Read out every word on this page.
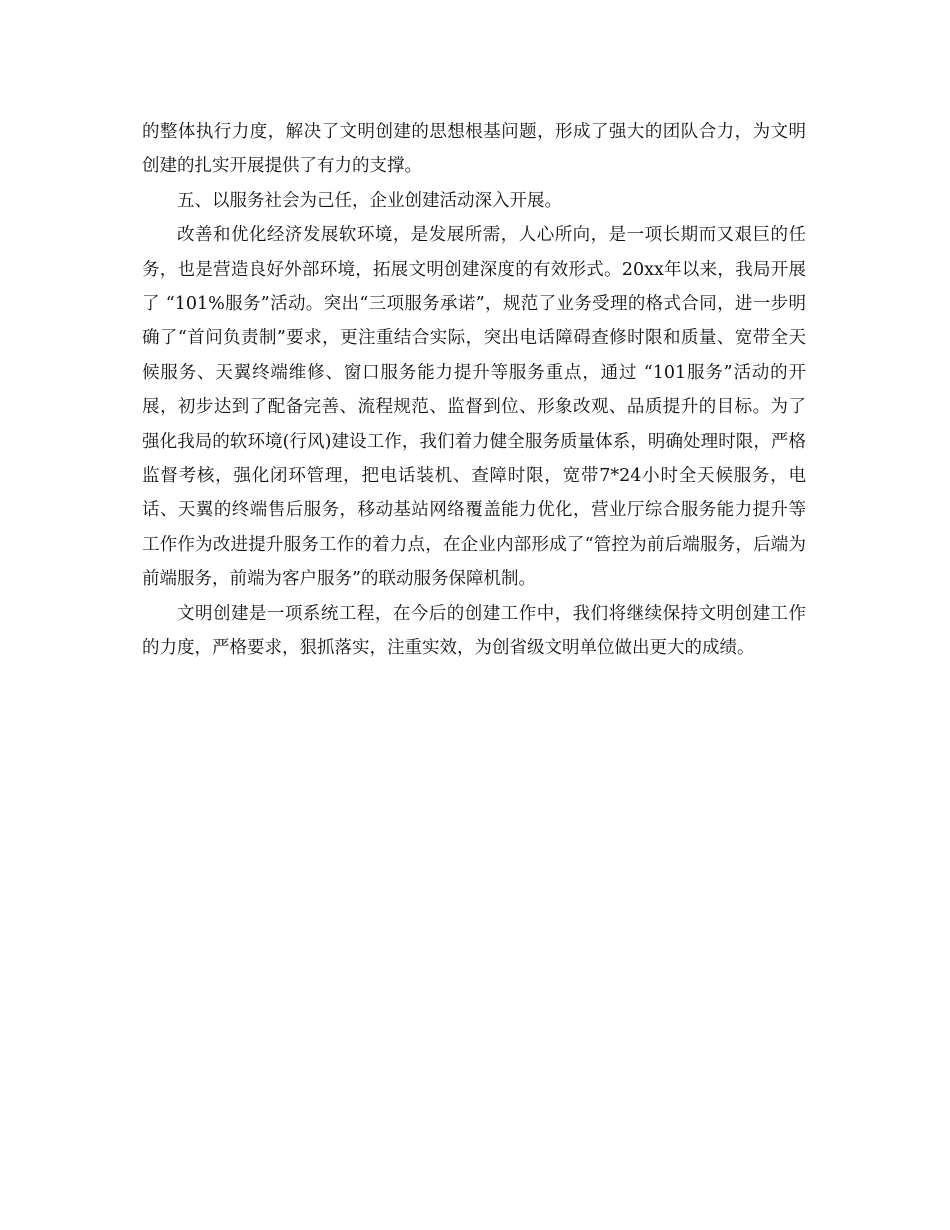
的整体执行力度，解决了文明创建的思想根基问题，形成了强大的团队合力，为文明创建的扎实开展提供了有力的支撑。

五、以服务社会为己任，企业创建活动深入开展。

改善和优化经济发展软环境，是发展所需，人心所向，是一项长期而又艰巨的任务，也是营造良好外部环境，拓展文明创建深度的有效形式。20xx年以来，我局开展了 “101%服务”活动。突出“三项服务承诺”，规范了业务受理的格式合同，进一步明确了“首问负责制”要求，更注重结合实际，突出电话障碍查修时限和质量、宽带全天候服务、天翼终端维修、窗口服务能力提升等服务重点，通过 “101服务”活动的开展，初步达到了配备完善、流程规范、监督到位、形象改观、品质提升的目标。为了强化我局的软环境(行风)建设工作，我们着力健全服务质量体系，明确处理时限，严格监督考核，强化闭环管理，把电话装机、查障时限，宽带7*24小时全天候服务，电话、天翼的终端售后服务，移动基站网络覆盖能力优化，营业厅综合服务能力提升等工作作为改进提升服务工作的着力点，在企业内部形成了“管控为前后端服务，后端为前端服务，前端为客户服务”的联动服务保障机制。

文明创建是一项系统工程，在今后的创建工作中，我们将继续保持文明创建工作的力度，严格要求，狠抓落实，注重实效，为创省级文明单位做出更大的成绩。
